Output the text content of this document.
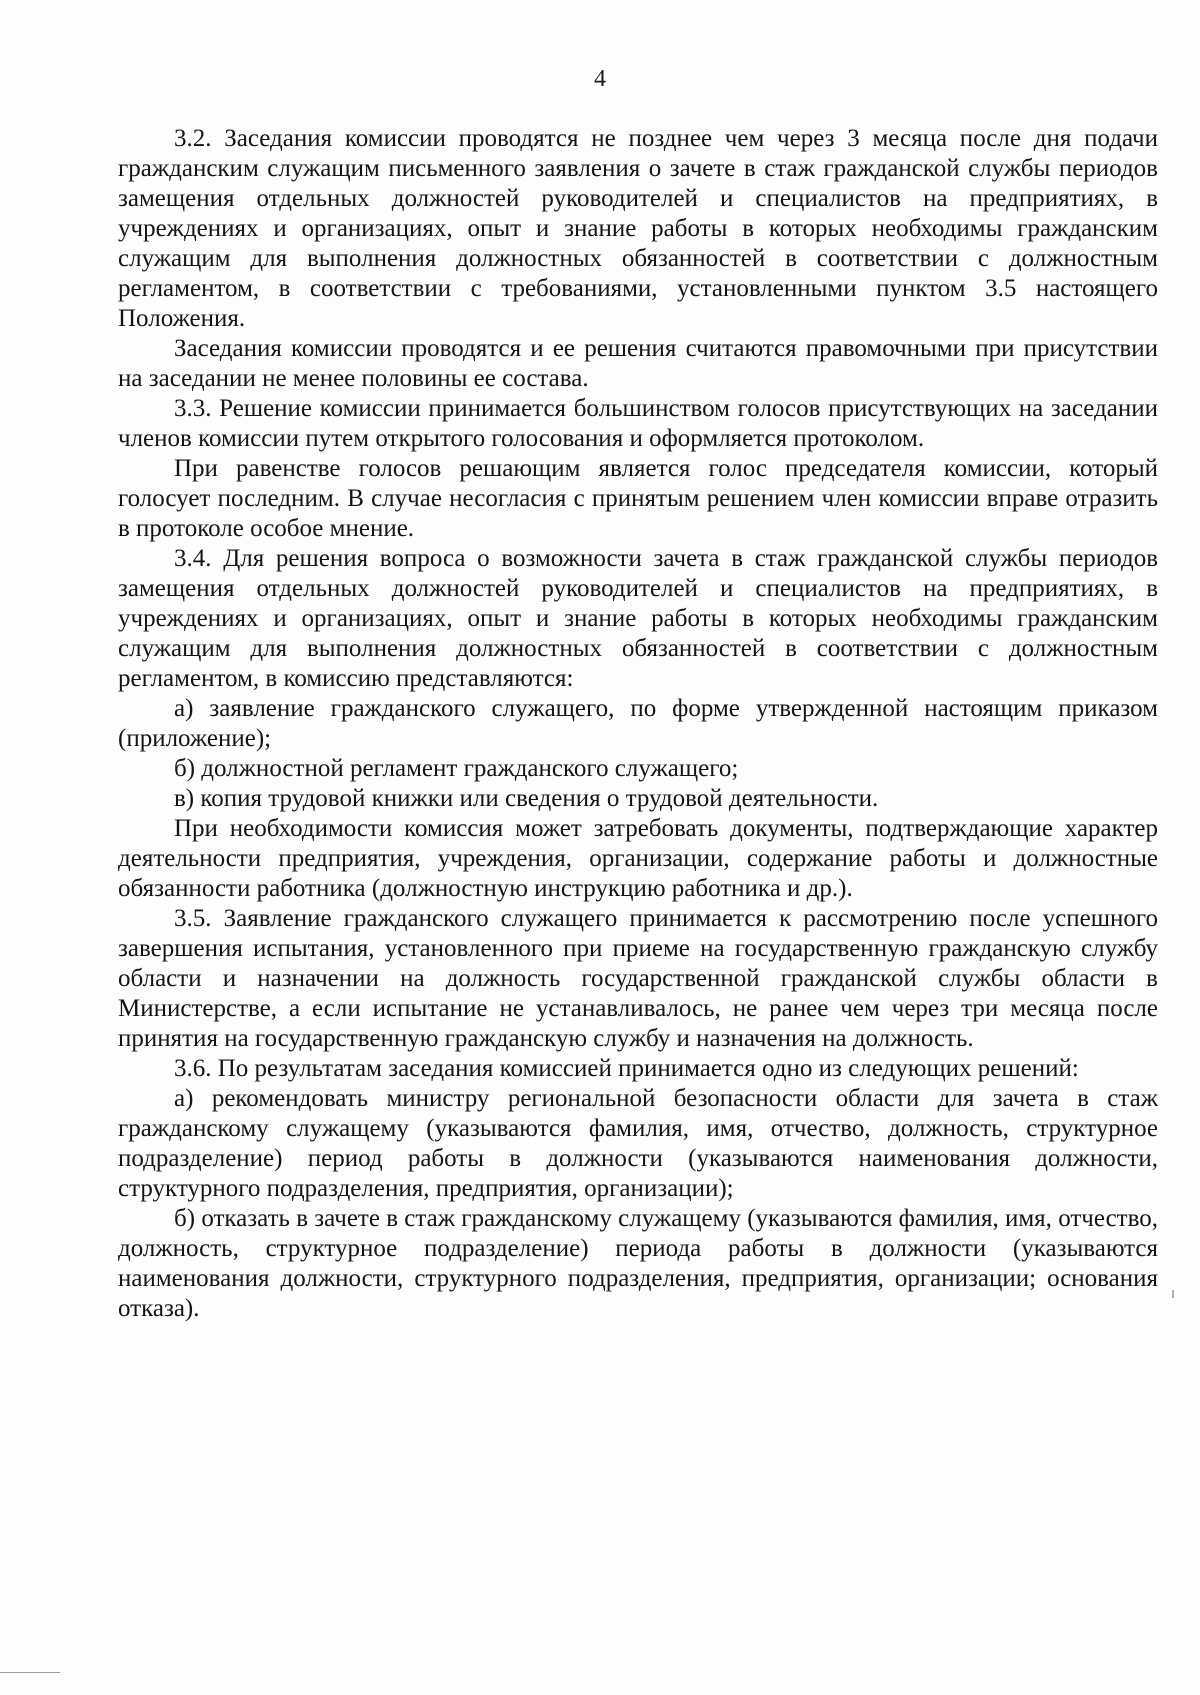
4

3.2. Заседания комиссии проводятся не позднее чем через 3 месяца после дня подачи гражданским служащим письменного заявления о зачете в стаж гражданской службы периодов замещения отдельных должностей руководителей и специалистов на предприятиях, в учреждениях и организациях, опыт и знание работы в которых необходимы гражданским служащим для выполнения должностных обязанностей в соответствии с должностным регламентом, в соответствии с требованиями, установленными пунктом 3.5 настоящего Положения.

Заседания комиссии проводятся и ее решения считаются правомочными при присутствии на заседании не менее половины ее состава.

3.3. Решение комиссии принимается большинством голосов присутствующих на заседании членов комиссии путем открытого голосования и оформляется протоколом.

При равенстве голосов решающим является голос председателя комиссии, который голосует последним. В случае несогласия с принятым решением член комиссии вправе отразить в протоколе особое мнение.

3.4. Для решения вопроса о возможности зачета в стаж гражданской службы периодов замещения отдельных должностей руководителей и специалистов на предприятиях, в учреждениях и организациях, опыт и знание работы в которых необходимы гражданским служащим для выполнения должностных обязанностей в соответствии с должностным регламентом, в комиссию представляются:

а) заявление гражданского служащего, по форме утвержденной настоящим приказом (приложение);

б) должностной регламент гражданского служащего;

в) копия трудовой книжки или сведения о трудовой деятельности.

При необходимости комиссия может затребовать документы, подтверждающие характер деятельности предприятия, учреждения, организации, содержание работы и должностные обязанности работника (должностную инструкцию работника и др.).

3.5. Заявление гражданского служащего принимается к рассмотрению после успешного завершения испытания, установленного при приеме на государственную гражданскую службу области и назначении на должность государственной гражданской службы области в Министерстве, а если испытание не устанавливалось, не ранее чем через три месяца после принятия на государственную гражданскую службу и назначения на должность.

3.6. По результатам заседания комиссией принимается одно из следующих решений:

а) рекомендовать министру региональной безопасности области для зачета в стаж гражданскому служащему (указываются фамилия, имя, отчество, должность, структурное подразделение) период работы в должности (указываются наименования должности, структурного подразделения, предприятия, организации);

б) отказать в зачете в стаж гражданскому служащему (указываются фамилия, имя, отчество, должность, структурное подразделение) периода работы в должности (указываются наименования должности, структурного подразделения, предприятия, организации; основания отказа).
